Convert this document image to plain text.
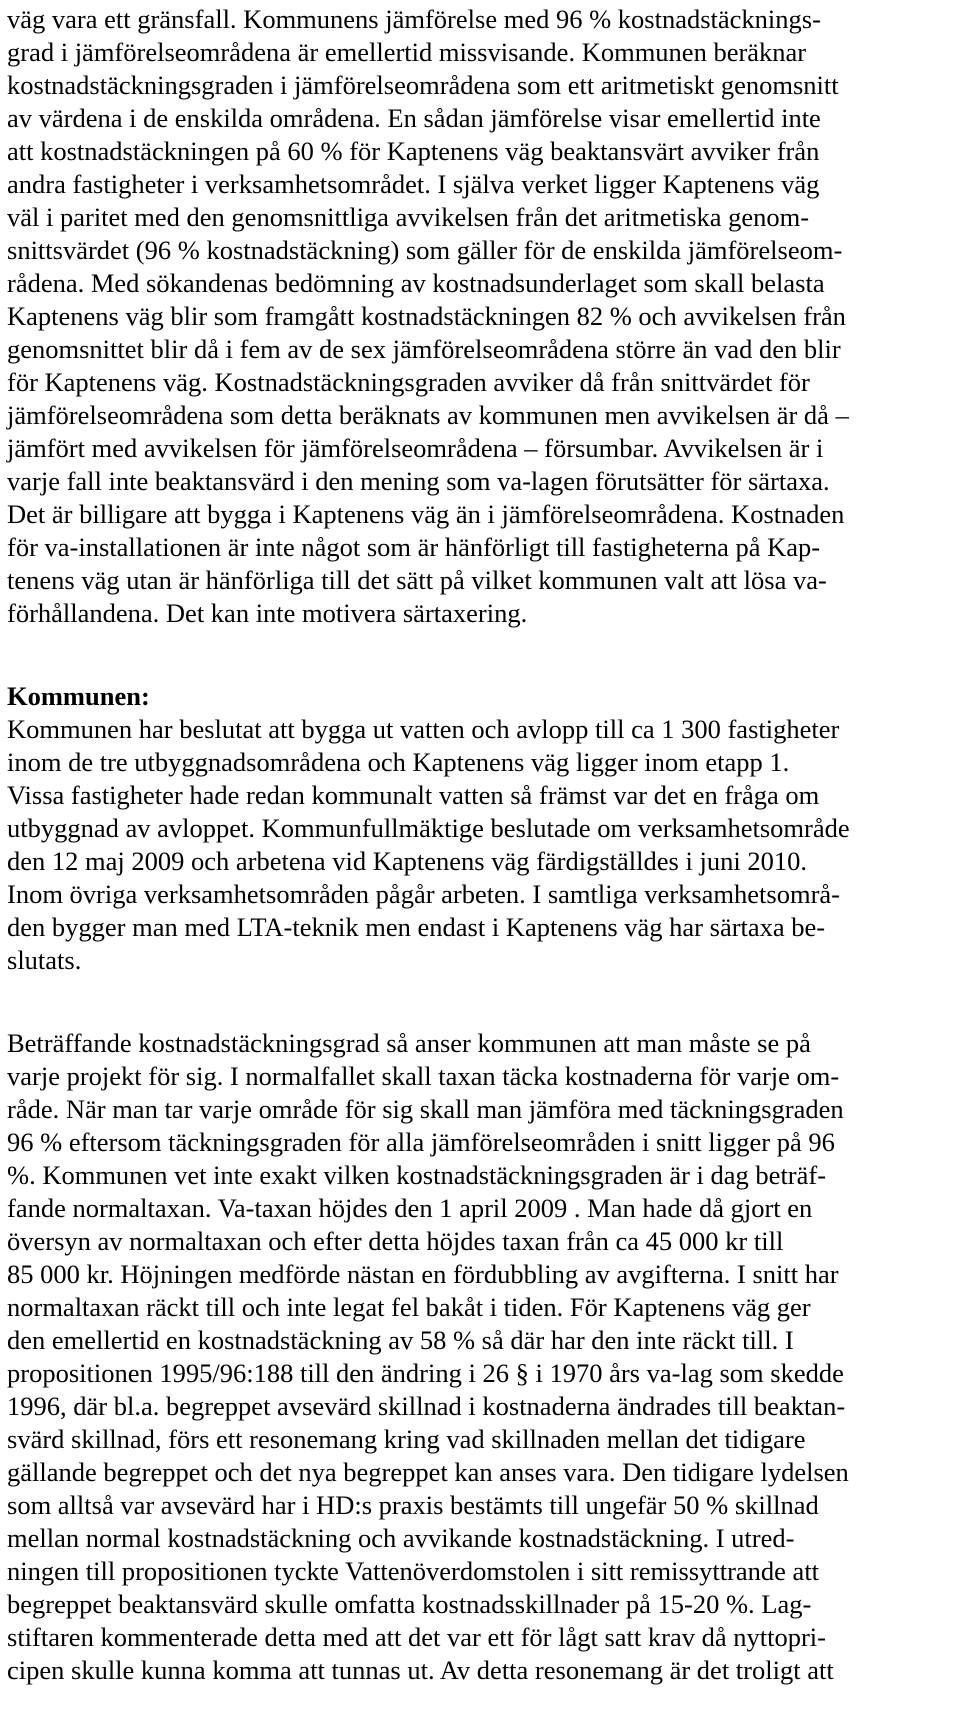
väg vara ett gränsfall. Kommunens jämförelse med 96 % kostnadstäcknings-
grad i jämförelseområdena är emellertid missvisande. Kommunen beräknar
kostnadstäckningsgraden i jämförelseområdena som ett aritmetiskt genomsnitt
av värdena i de enskilda områdena. En sådan jämförelse visar emellertid inte
att kostnadstäckningen på 60 % för Kaptenens väg beaktansvärt avviker från
andra fastigheter i verksamhetsområdet. I själva verket ligger Kaptenens väg
väl i paritet med den genomsnittliga avvikelsen från det aritmetiska genom-
snittsvärdet (96 % kostnadstäckning) som gäller för de enskilda jämförelseom-
rådena. Med sökandenas bedömning av kostnadsunderlaget som skall belasta
Kaptenens väg blir som framgått kostnadstäckningen 82 % och avvikelsen från
genomsnittet blir då i fem av de sex jämförelseområdena större än vad den blir
för Kaptenens väg. Kostnadstäckningsgraden avviker då från snittvärdet för
jämförelseområdena som detta beräknats av kommunen men avvikelsen är då –
jämfört med avvikelsen för jämförelseområdena – försumbar. Avvikelsen är i
varje fall inte beaktansvärd i den mening som va-lagen förutsätter för särtaxa.
Det är billigare att bygga i Kaptenens väg än i jämförelseområdena. Kostnaden
för va-installationen är inte något som är hänförligt till fastigheterna på Kap-
tenens väg utan är hänförliga till det sätt på vilket kommunen valt att lösa va-
förhållandena. Det kan inte motivera särtaxering.
Kommunen:
Kommunen har beslutat att bygga ut vatten och avlopp till ca 1 300 fastigheter
inom de tre utbyggnadsområdena och Kaptenens väg ligger inom etapp 1.
Vissa fastigheter hade redan kommunalt vatten så främst var det en fråga om
utbyggnad av avloppet. Kommunfullmäktige beslutade om verksamhetsområde
den 12 maj 2009 och arbetena vid Kaptenens väg färdigställdes i juni 2010.
Inom övriga verksamhetsområden pågår arbeten. I samtliga verksamhetsområ-
den bygger man med LTA-teknik men endast i Kaptenens väg har särtaxa be-
slutats.
Beträffande kostnadstäckningsgrad så anser kommunen att man måste se på
varje projekt för sig. I normalfallet skall taxan täcka kostnaderna för varje om-
råde. När man tar varje område för sig skall man jämföra med täckningsgraden
96 % eftersom täckningsgraden för alla jämförelseområden i snitt ligger på 96
%. Kommunen vet inte exakt vilken kostnadstäckningsgraden är i dag beträf-
fande normaltaxan. Va-taxan höjdes den 1 april 2009 . Man hade då gjort en
översyn av normaltaxan och efter detta höjdes taxan från ca 45 000 kr till
85 000 kr. Höjningen medförde nästan en fördubbling av avgifterna. I snitt har
normaltaxan räckt till och inte legat fel bakåt i tiden. För Kaptenens väg ger
den emellertid en kostnadstäckning av 58 % så där har den inte räckt till. I
propositionen 1995/96:188 till den ändring i 26 § i 1970 års va-lag som skedde
1996, där bl.a. begreppet avsevärd skillnad i kostnaderna ändrades till beaktan-
svärd skillnad, förs ett resonemang kring vad skillnaden mellan det tidigare
gällande begreppet och det nya begreppet kan anses vara. Den tidigare lydelsen
som alltså var avsevärd har i HD:s praxis bestämts till ungefär 50 % skillnad
mellan normal kostnadstäckning och avvikande kostnadstäckning. I utred-
ningen till propositionen tyckte Vattenöverdomstolen i sitt remissyttrande att
begreppet beaktansvärd skulle omfatta kostnadsskillnader på 15-20 %. Lag-
stiftaren kommenterade detta med att det var ett för lågt satt krav då nyttopri-
cipen skulle kunna komma att tunnas ut. Av detta resonemang är det troligt att
